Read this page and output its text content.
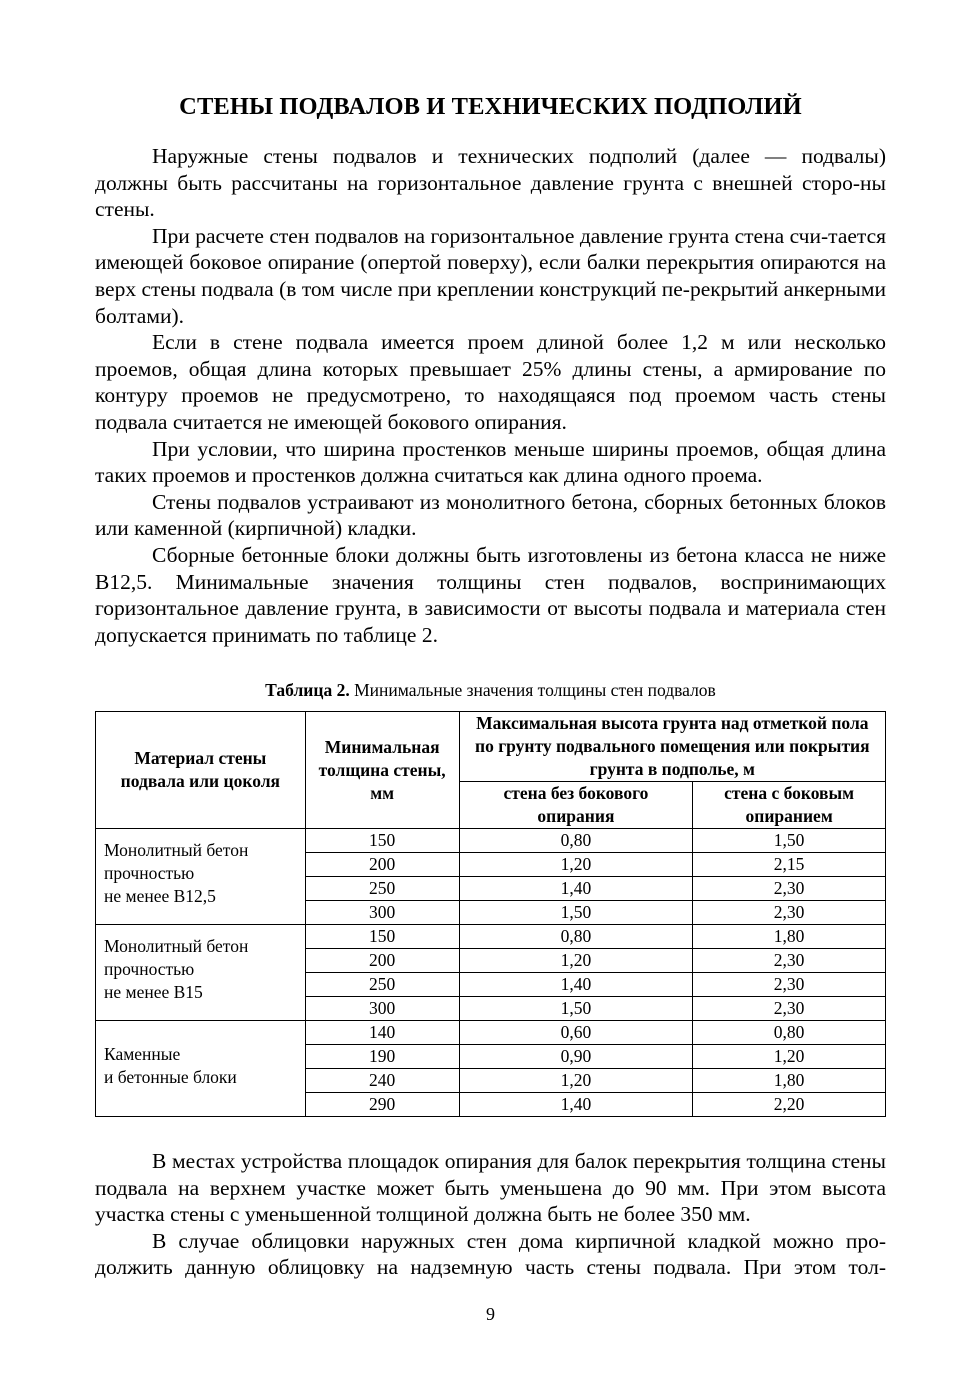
СТЕНЫ ПОДВАЛОВ И ТЕХНИЧЕСКИХ ПОДПОЛИЙ

Наружные стены подвалов и технических подполий (далее — подвалы) должны быть рассчитаны на горизонтальное давление грунта с внешней сторо-ны стены.

При расчете стен подвалов на горизонтальное давление грунта стена счи-тается имеющей боковое опирание (опертой поверху), если балки перекрытия опираются на верх стены подвала (в том числе при креплении конструкций пе-рекрытий анкерными болтами).

Если в стене подвала имеется проем длиной более 1,2 м или несколько проемов, общая длина которых превышает 25% длины стены, а армирование по контуру проемов не предусмотрено, то находящаяся под проемом часть стены подвала считается не имеющей бокового опирания.

При условии, что ширина простенков меньше ширины проемов, общая длина таких проемов и простенков должна считаться как длина одного проема.

Стены подвалов устраивают из монолитного бетона, сборных бетонных блоков или каменной (кирпичной) кладки.

Сборные бетонные блоки должны быть изготовлены из бетона класса не ниже В12,5. Минимальные значения толщины стен подвалов, воспринимающих горизонтальное давление грунта, в зависимости от высоты подвала и материала стен допускается принимать по таблице 2.

Таблица 2. Минимальные значения толщины стен подвалов
Материал стены подвала или цоколя	Минимальная толщина стены, мм	Максимальная высота грунта над отметкой пола по грунту подвального помещения или покрытия грунта в подполье, м	
		стена без бокового опирания	стена с боковым опиранием

Монолитный бетон
прочностью
не менее В12,5	150	0,80	1,50
	200	1,20	2,15
	250	1,40	2,30
	300	1,50	2,30

Монолитный бетон
прочностью
не менее В15	150	0,80	1,80
	200	1,20	2,30
	250	1,40	2,30
	300	1,50	2,30

Каменные
и бетонные блоки	140	0,60	0,80
	190	0,90	1,20
	240	1,20	1,80
	290	1,40	2,20

В местах устройства площадок опирания для балок перекрытия толщина стены подвала на верхнем участке может быть уменьшена до 90 мм. При этом высота участка стены с уменьшенной толщиной должна быть не более 350 мм.

В случае облицовки наружных стен дома кирпичной кладкой можно про-должить данную облицовку на надземную часть стены подвала. При этом тол-

9
